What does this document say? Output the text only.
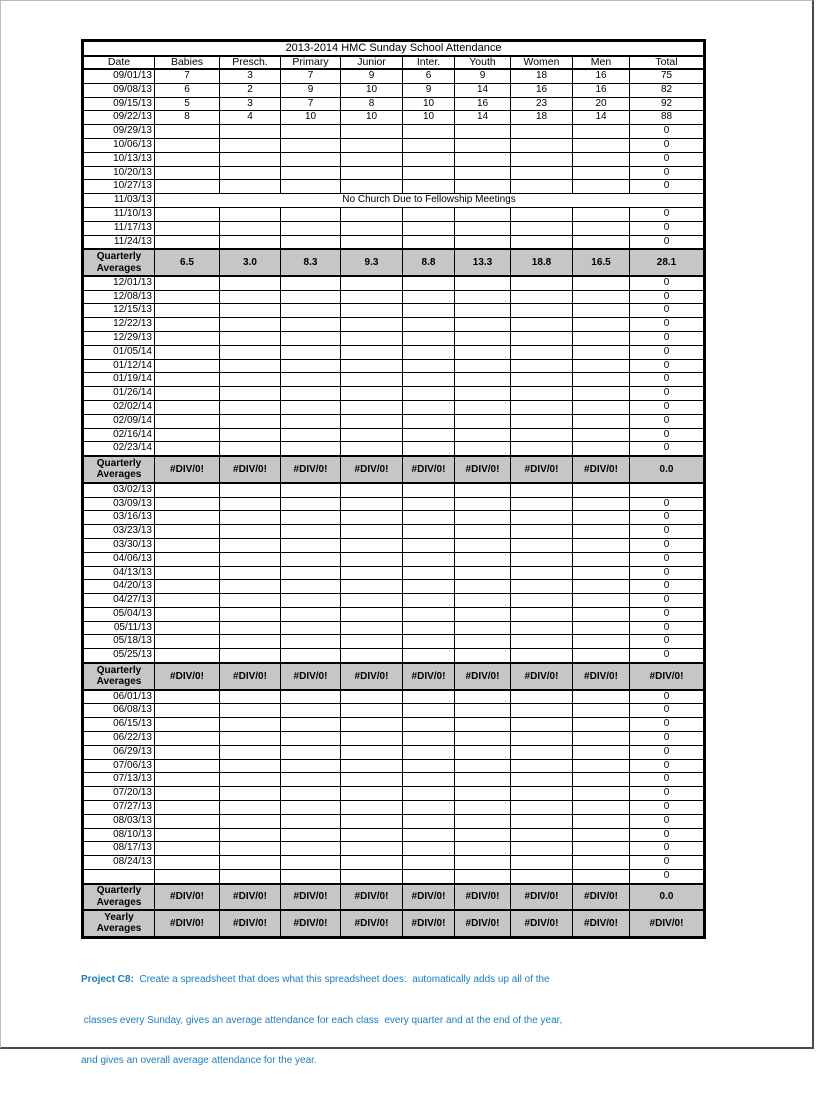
2013-2014 HMC Sunday School Attendance									
Date	Babies	Presch.	Primary	Junior	Inter.	Youth	Women	Men	Total
09/01/13	7	3	7	9	6	9	18	16	75
09/08/13	6	2	9	10	9	14	16	16	82
09/15/13	5	3	7	8	10	16	23	20	92
09/22/13	8	4	10	10	10	14	18	14	88
09/29/13									0
10/06/13									0
10/13/13									0
10/20/13									0
10/27/13									0
11/03/13	No Church Due to Fellowship Meetings								
11/10/13									0
11/17/13									0
11/24/13									0
Quarterly Averages	6.5	3.0	8.3	9.3	8.8	13.3	18.8	16.5	28.1
12/01/13									0
12/08/13									0
12/15/13									0
12/22/13									0
12/29/13									0
01/05/14									0
01/12/14									0
01/19/14									0
01/26/14									0
02/02/14									0
02/09/14									0
02/16/14									0
02/23/14									0
Quarterly Averages	#DIV/0!	#DIV/0!	#DIV/0!	#DIV/0!	#DIV/0!	#DIV/0!	#DIV/0!	#DIV/0!	0.0
03/02/13									
03/09/13									0
03/16/13									0
03/23/13									0
03/30/13									0
04/06/13									0
04/13/13									0
04/20/13									0
04/27/13									0
05/04/13									0
05/11/13									0
05/18/13									0
05/25/13									0
Quarterly Averages	#DIV/0!	#DIV/0!	#DIV/0!	#DIV/0!	#DIV/0!	#DIV/0!	#DIV/0!	#DIV/0!	#DIV/0!
06/01/13									0
06/08/13									0
06/15/13									0
06/22/13									0
06/29/13									0
07/06/13									0
07/13/13									0
07/20/13									0
07/27/13									0
08/03/13									0
08/10/13									0
08/17/13									0
08/24/13									0
									0
Quarterly Averages	#DIV/0!	#DIV/0!	#DIV/0!	#DIV/0!	#DIV/0!	#DIV/0!	#DIV/0!	#DIV/0!	0.0
Yearly Averages	#DIV/0!	#DIV/0!	#DIV/0!	#DIV/0!	#DIV/0!	#DIV/0!	#DIV/0!	#DIV/0!	#DIV/0!

Project C8:  Create a spreadsheet that does what this spreadsheet does:  automatically adds up all of the

classes every Sunday, gives an average attendance for each class  every quarter and at the end of the year,

and gives an overall average attendance for the year.
